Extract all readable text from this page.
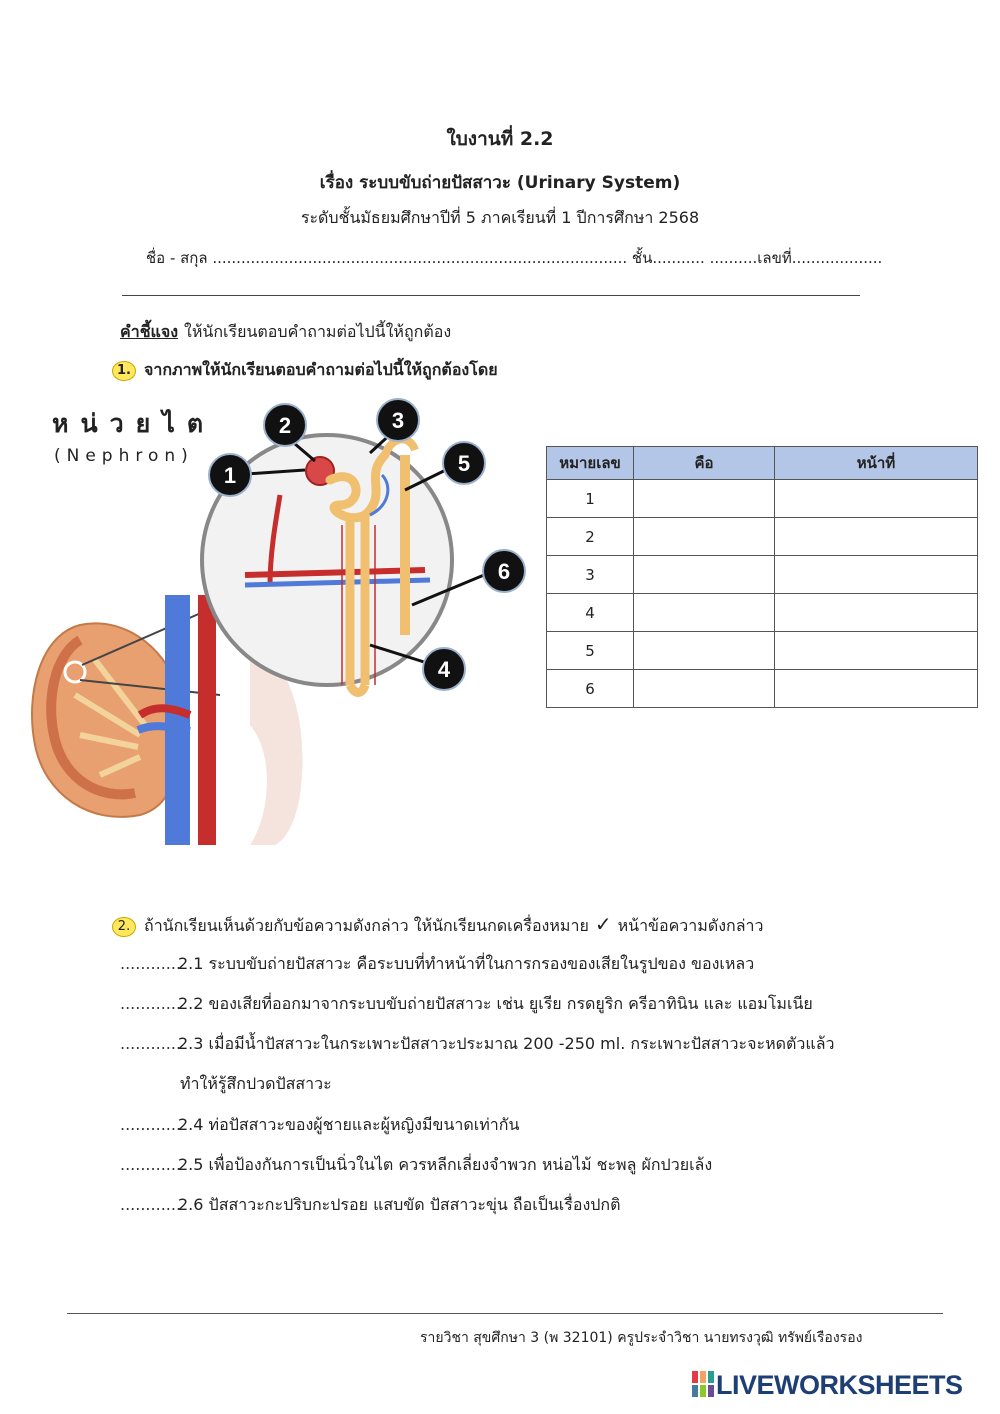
ใบงานที่ 2.2
เรื่อง ระบบขับถ่ายปัสสาวะ (Urinary System)
ระดับชั้นมัธยมศึกษาปีที่ 5 ภาคเรียนที่ 1 ปีการศึกษา 2568
ชื่อ - สกุล ....................................................................................... ชั้น........... ..........เลขที่...................
คำชี้แจง ให้นักเรียนตอบคำถามต่อไปนี้ให้ถูกต้อง
1. จากภาพให้นักเรียนตอบคำถามต่อไปนี้ให้ถูกต้องโดย
หน่วยไต
(Nephron)
1
2	3
4
5
6
หมายเลข	คือ	หน้าที่
1		
2		
3		
4		
5		
6		
2. ถ้านักเรียนเห็นด้วยกับข้อความดังกล่าว ให้นักเรียนกดเครื่องหมาย ✓ หน้าข้อความดังกล่าว
............2.1 ระบบขับถ่ายปัสสาวะ คือระบบที่ทำหน้าที่ในการกรองของเสียในรูปของ ของเหลว
............2.2 ของเสียที่ออกมาจากระบบขับถ่ายปัสสาวะ เช่น ยูเรีย กรดยูริก ครีอาทินิน และ แอมโมเนีย
............2.3 เมื่อมีน้ำปัสสาวะในกระเพาะปัสสาวะประมาณ 200 -250 ml. กระเพาะปัสสาวะจะหดตัวแล้ว
ทำให้รู้สึกปวดปัสสาวะ
............2.4 ท่อปัสสาวะของผู้ชายและผู้หญิงมีขนาดเท่ากัน
............2.5 เพื่อป้องกันการเป็นนิ่วในไต ควรหลีกเลี่ยงจำพวก หน่อไม้ ชะพลู ผักปวยเล้ง
............2.6 ปัสสาวะกะปริบกะปรอย แสบขัด ปัสสาวะขุ่น ถือเป็นเรื่องปกติ
รายวิชา สุขศึกษา 3 (พ 32101) ครูประจำวิชา นายทรงวุฒิ ทรัพย์เรืองรอง
LIVEWORKSHEETS
